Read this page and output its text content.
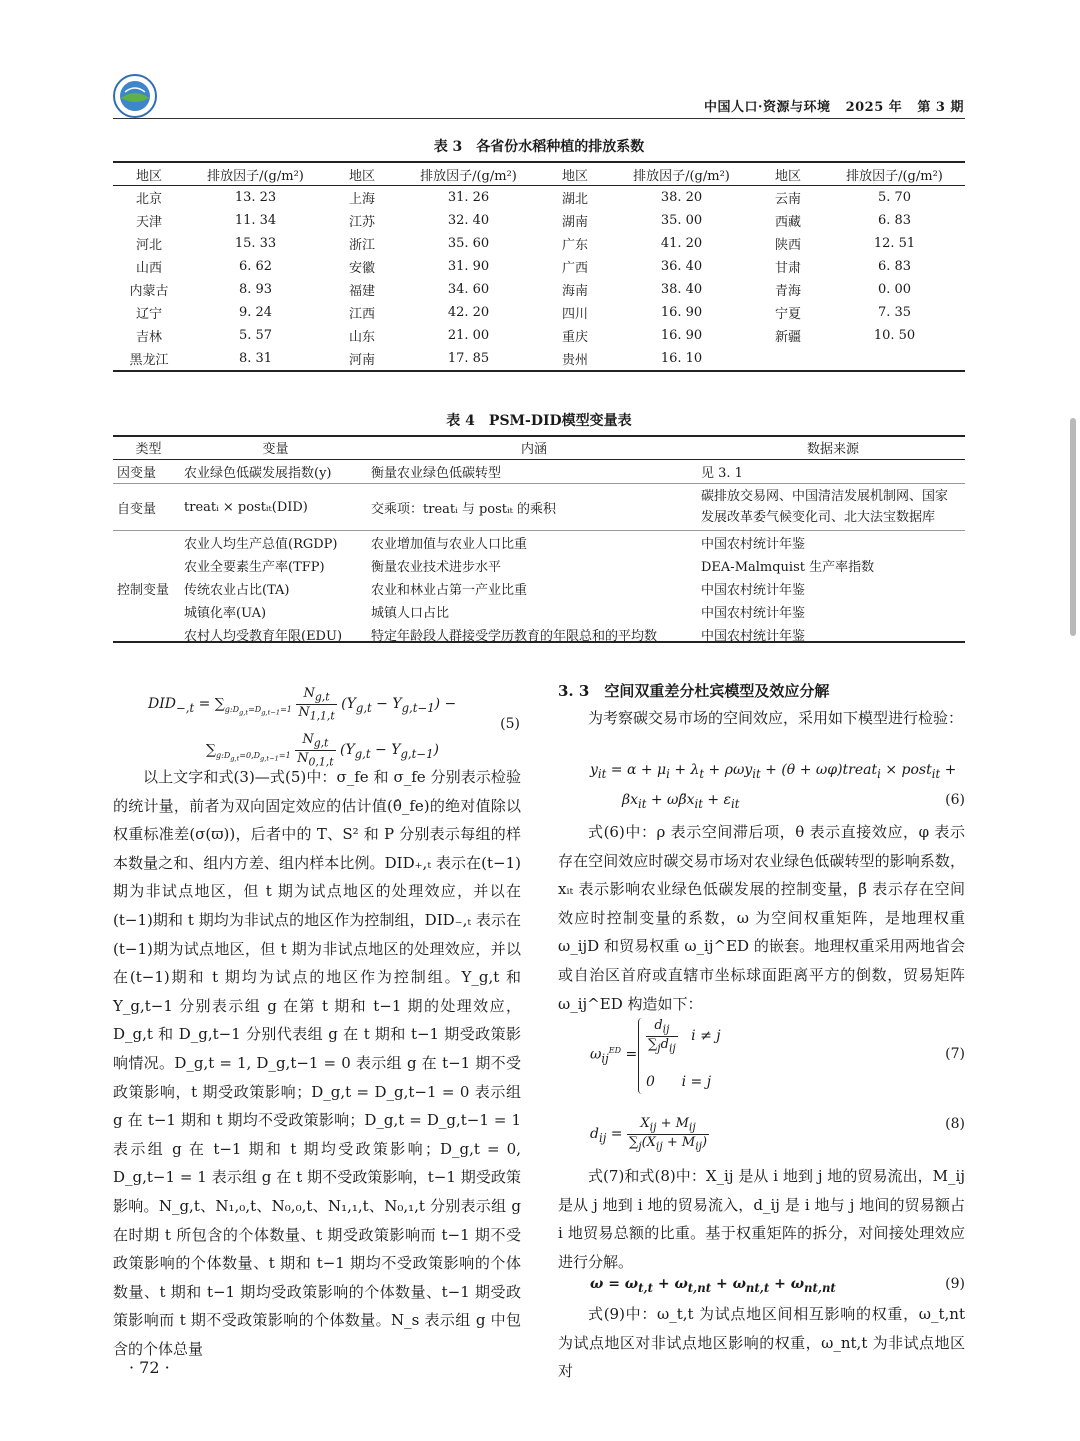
中国人口·资源与环境 2025 年 第 3 期
表 3　各省份水稻种植的排放系数
地区	排放因子/(g/m²)	地区	排放因子/(g/m²)	地区	排放因子/(g/m²)	地区	排放因子/(g/m²)
北京	13. 23	上海	31. 26	湖北	38. 20	云南	5. 70
天津	11. 34	江苏	32. 40	湖南	35. 00	西藏	6. 83
河北	15. 33	浙江	35. 60	广东	41. 20	陕西	12. 51
山西	6. 62	安徽	31. 90	广西	36. 40	甘肃	6. 83
内蒙古	8. 93	福建	34. 60	海南	38. 40	青海	0. 00
辽宁	9. 24	江西	42. 20	四川	16. 90	宁夏	7. 35
吉林	5. 57	山东	21. 00	重庆	16. 90	新疆	10. 50
黑龙江	8. 31	河南	17. 85	贵州	16. 10		
表 4　PSM-DID模型变量表
类型	变量	内涵	数据来源
因变量	农业绿色低碳发展指数(y)	衡量农业绿色低碳转型	见 3. 1
自变量	treatᵢ × postᵢₜ(DID)	交乘项：treatᵢ 与 postᵢₜ 的乘积	碳排放交易网、中国清洁发展机制网、国家
发展改革委气候变化司、北大法宝数据库
控制变量	农业人均生产总值(RGDP)	农业增加值与农业人口比重	中国农村统计年鉴
	农业全要素生产率(TFP)	衡量农业技术进步水平	DEA-Malmquist 生产率指数
	传统农业占比(TA)	农业和林业占第一产业比重	中国农村统计年鉴
	城镇化率(UA)	城镇人口占比	中国农村统计年鉴
	农村人均受教育年限(EDU)	特定年龄段人群接受学历教育的年限总和的平均数	中国农村统计年鉴
$DID_{-,t} = \sum_{g:D_{g,t}=D_{g,t-1}=1} \frac{N_{g,t}}{N_{1,1,t}} (Y_{g,t} - Y_{g,t-1})$ −
$\sum_{g:D_{g,t}=0,D_{g,t-1}=1} \frac{N_{g,t}}{N_{0,1,t}} (Y_{g,t} - Y_{g,t-1})$
(5)

以上文字和式(3)—式(5)中：σ_fe 和 σ_fe 分别表示检验的统计量，前者为双向固定效应的估计值(θ̂_fe)的绝对值除以权重标准差(σ(ϖ))，后者中的 T、S² 和 P 分别表示每组的样本数量之和、组内方差、组内样本比例。DID₊,ₜ 表示在(t−1)期为非试点地区，但 t 期为试点地区的处理效应，并以在(t−1)期和 t 期均为非试点的地区作为控制组，DID₋,ₜ 表示在(t−1)期为试点地区，但 t 期为非试点地区的处理效应，并以在(t−1)期和 t 期均为试点的地区作为控制组。Y_g,t 和 Y_g,t−1 分别表示组 g 在第 t 期和 t−1 期的处理效应，D_g,t 和 D_g,t−1 分别代表组 g 在 t 期和 t−1 期受政策影响情况。D_g,t = 1, D_g,t−1 = 0 表示组 g 在 t−1 期不受政策影响，t 期受政策影响；D_g,t = D_g,t−1 = 0 表示组 g 在 t−1 期和 t 期均不受政策影响；D_g,t = D_g,t−1 = 1 表示组 g 在 t−1 期和 t 期均受政策影响；D_g,t = 0, D_g,t−1 = 1 表示组 g 在 t 期不受政策影响，t−1 期受政策影响。N_g,t、N₁,₀,t、N₀,₀,t、N₁,₁,t、N₀,₁,t 分别表示组 g 在时期 t 所包含的个体数量、t 期受政策影响而 t−1 期不受政策影响的个体数量、t 期和 t−1 期均不受政策影响的个体数量、t 期和 t−1 期均受政策影响的个体数量、t−1 期受政策影响而 t 期不受政策影响的个体数量。N_s 表示组 g 中包含的个体总量

3. 3　空间双重差分杜宾模型及效应分解

为考察碳交易市场的空间效应，采用如下模型进行检验：

$y_{it} = \alpha + \mu_i + \lambda_t + \rho\omega y_{it} + (\theta$ + ωφ)treat$_i$ × post$_{it}$ +
$\beta x_{it}$ + $\omega\betäx_{it} + \varepsilon_{it}$	(6)

式(6)中：ρ 表示空间滞后项，θ 表示直接效应，φ 表示存在空间效应时碳交易市场对农业绿色低碳转型的影响系数，xᵢₜ 表示影响农业绿色低碳发展的控制变量，β̈ 表示存在空间效应时控制变量的系数，ω 为空间权重矩阵，是地理权重 ω_ijD 和贸易权重 ω_ij^ED 的嵌套。地理权重采用两地省会或自治区首府或直辖市坐标球面距离平方的倒数，贸易矩阵 ω_ij^ED 构造如下：

$\omega_{ij}^{ED}$ =
$\frac{d_{ij}}{\sum_jd_{ij}}$ i ≠ j
0      i = j
(7)
$d_{ij} = \frac{X_{ij} + M_{ij}}{\sum_j(X_{ij} + M_{ij})}$	(8)

式(7)和式(8)中：X_ij 是从 i 地到 j 地的贸易流出，M_ij 是从 j 地到 i 地的贸易流入，d_ij 是 i 地与 j 地间的贸易额占 i 地贸易总额的比重。基于权重矩阵的拆分，对间接处理效应进行分解。

$\omega = \omega_{t,t} + \omega_{t,nt} + \omega_{nt,t} + \omega_{nt,nt}$	(9)

式(9)中：ω_t,t 为试点地区间相互影响的权重，ω_t,nt 为试点地区对非试点地区影响的权重，ω_nt,t 为非试点地区对

· 72 ·
